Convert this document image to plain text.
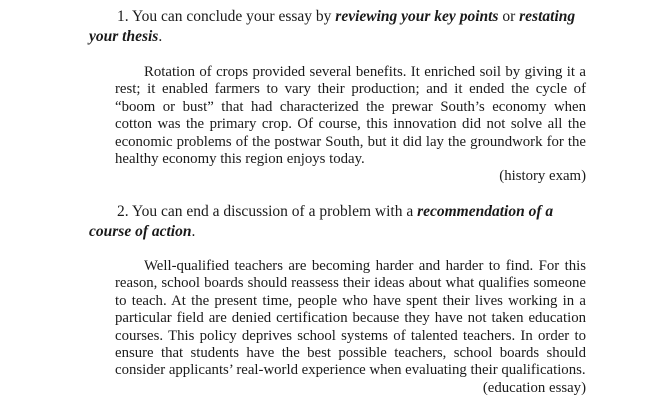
1. You can conclude your essay by reviewing your key points or restating your thesis.

Rotation of crops provided several benefits. It enriched soil by giving it a rest; it enabled farmers to vary their production; and it ended the cycle of “boom or bust” that had characterized the prewar South’s economy when cotton was the primary crop. Of course, this innovation did not solve all the economic problems of the postwar South, but it did lay the groundwork for the healthy economy this region enjoys today.
(history exam)

2. You can end a discussion of a problem with a recommendation of a course of action.

Well-qualified teachers are becoming harder and harder to find. For this reason, school boards should reassess their ideas about what qualifies someone to teach. At the present time, people who have spent their lives working in a particular field are denied certification because they have not taken education courses. This policy deprives school systems of talented teachers. In order to ensure that students have the best possible teachers, school boards should consider applicants’ real-world experience when evaluating their qualifications.
(education essay)
